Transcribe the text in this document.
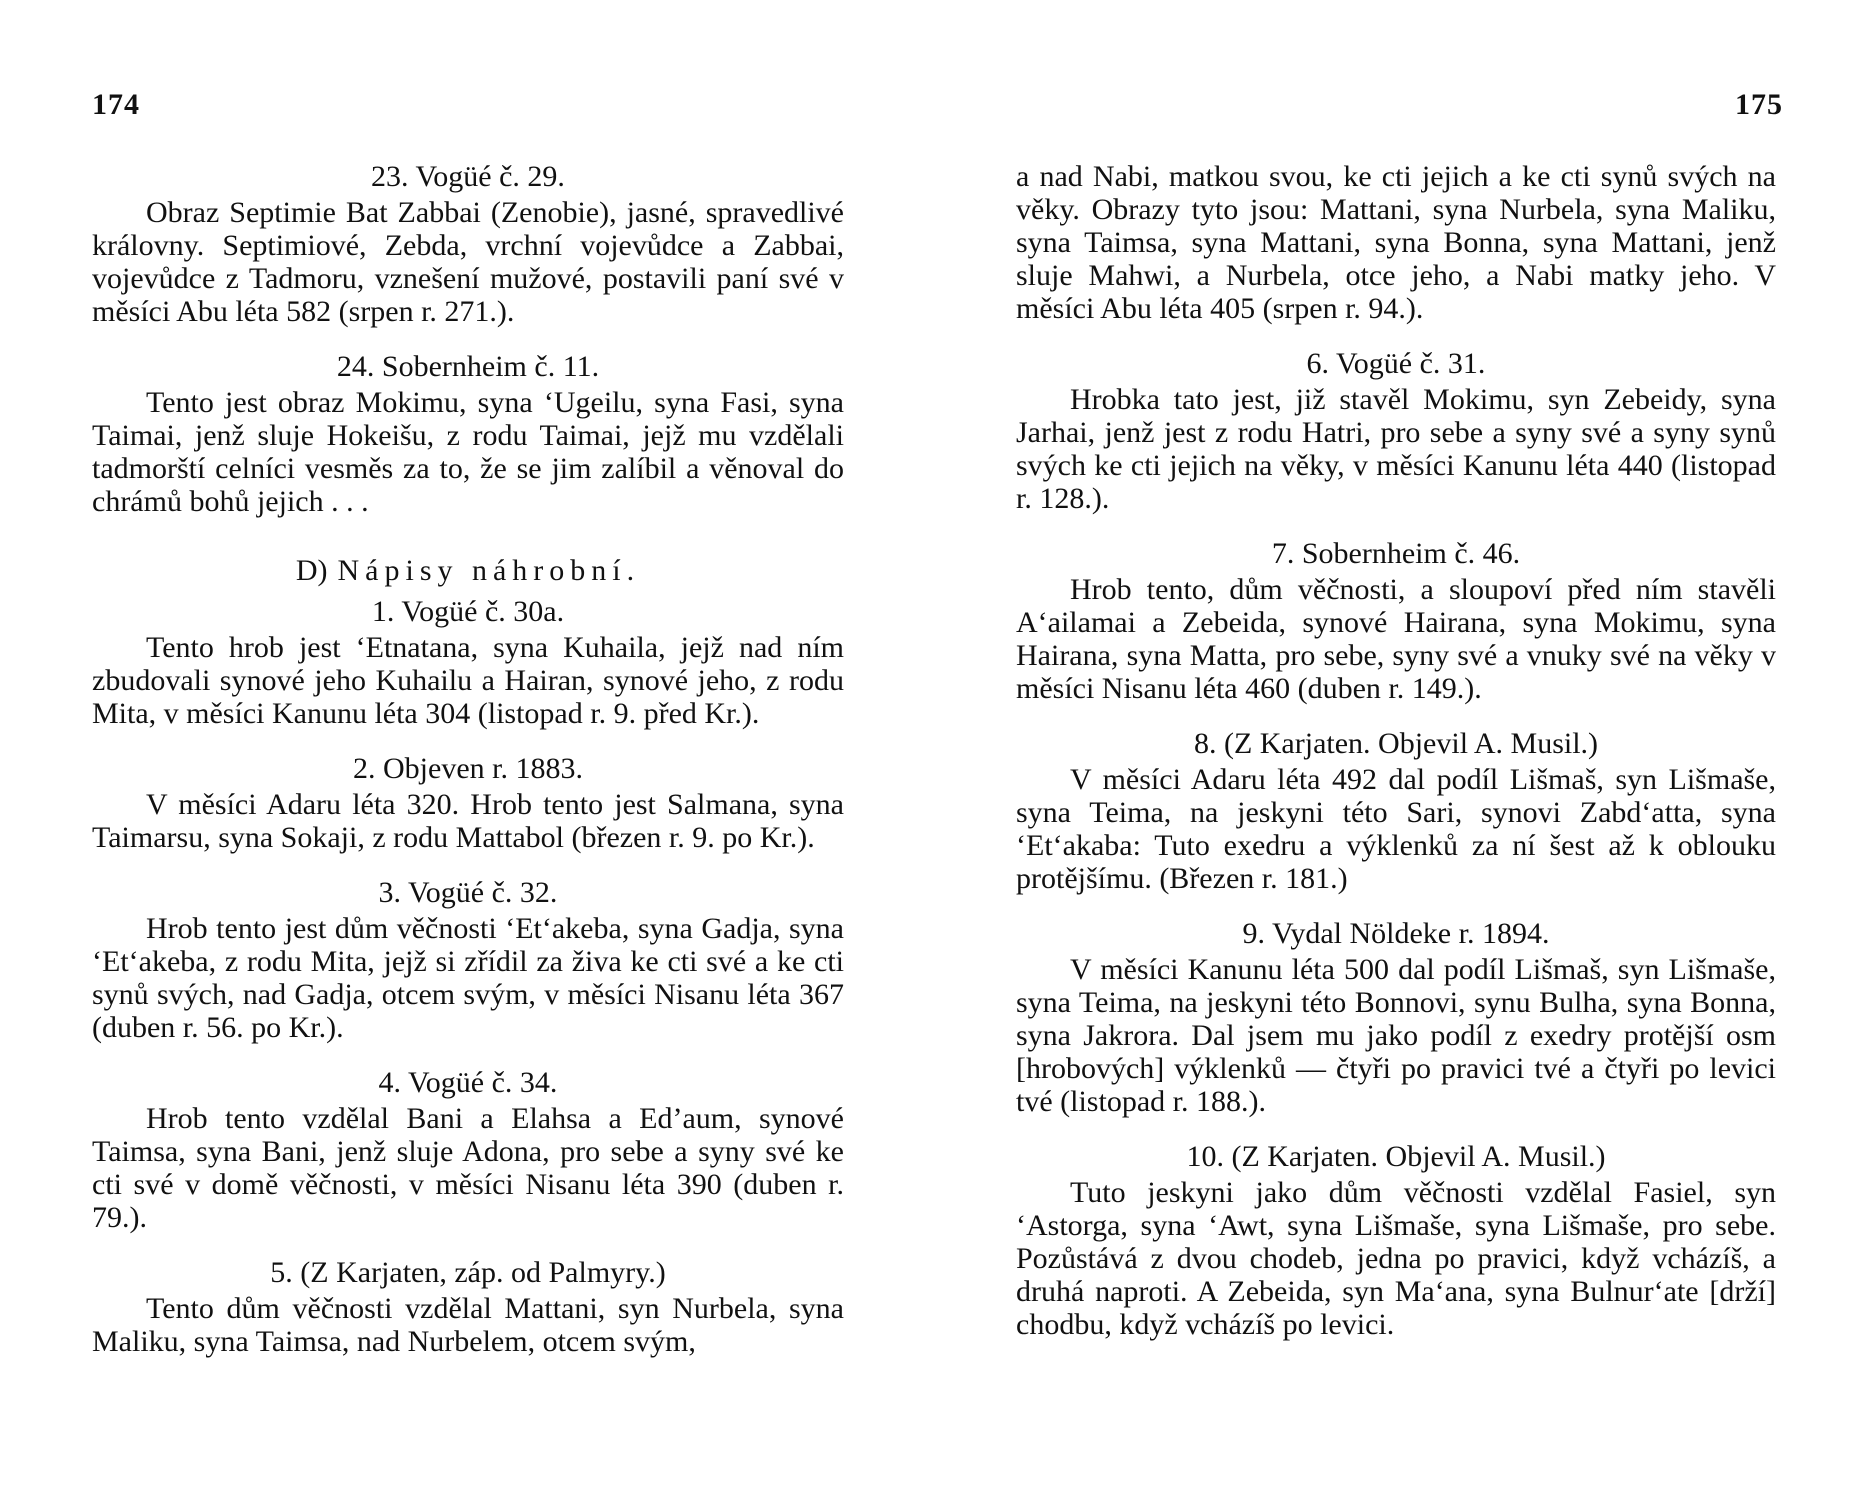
174	175

23. Vogüé č. 29.

Obraz Septimie Bat Zabbai (Zenobie), jasné, spravedlivé královny. Septimiové, Zebda, vrchní vojevůdce a Zabbai, vojevůdce z Tadmoru, vznešení mužové, postavili paní své v měsíci Abu léta 582 (srpen r. 271.).

24. Sobernheim č. 11.

Tento jest obraz Mokimu, syna ‘Ugeilu, syna Fasi, syna Taimai, jenž sluje Hokeišu, z rodu Taimai, jejž mu vzdělali tadmorští celníci vesměs za to, že se jim zalíbil a věnoval do chrámů bohů jejich . . .

D) Nápisy náhrobní.

1. Vogüé č. 30a.

Tento hrob jest ‘Etnatana, syna Kuhaila, jejž nad ním zbudovali synové jeho Kuhailu a Hairan, synové jeho, z rodu Mita, v měsíci Kanunu léta 304 (listopad r. 9. před Kr.).

2. Objeven r. 1883.

V měsíci Adaru léta 320. Hrob tento jest Salmana, syna Taimarsu, syna Sokaji, z rodu Mattabol (březen r. 9. po Kr.).

3. Vogüé č. 32.

Hrob tento jest dům věčnosti ‘Et‘akeba, syna Gadja, syna ‘Et‘akeba, z rodu Mita, jejž si zřídil za živa ke cti své a ke cti synů svých, nad Gadja, otcem svým, v měsíci Nisanu léta 367 (duben r. 56. po Kr.).

4. Vogüé č. 34.

Hrob tento vzdělal Bani a Elahsa a Ed’aum, synové Taimsa, syna Bani, jenž sluje Adona, pro sebe a syny své ke cti své v domě věčnosti, v měsíci Nisanu léta 390 (duben r. 79.).

5. (Z Karjaten, záp. od Palmyry.)

Tento dům věčnosti vzdělal Mattani, syn Nurbela, syna Maliku, syna Taimsa, nad Nurbelem, otcem svým,

a nad Nabi, matkou svou, ke cti jejich a ke cti synů svých na věky. Obrazy tyto jsou: Mattani, syna Nurbela, syna Maliku, syna Taimsa, syna Mattani, syna Bonna, syna Mattani, jenž sluje Mahwi, a Nurbela, otce jeho, a Nabi matky jeho. V měsíci Abu léta 405 (srpen r. 94.).

6. Vogüé č. 31.

Hrobka tato jest, již stavěl Mokimu, syn Zebeidy, syna Jarhai, jenž jest z rodu Hatri, pro sebe a syny své a syny synů svých ke cti jejich na věky, v měsíci Kanunu léta 440 (listopad r. 128.).

7. Sobernheim č. 46.

Hrob tento, dům věčnosti, a sloupoví před ním stavěli A‘ailamai a Zebeida, synové Hairana, syna Mokimu, syna Hairana, syna Matta, pro sebe, syny své a vnuky své na věky v měsíci Nisanu léta 460 (duben r. 149.).

8. (Z Karjaten. Objevil A. Musil.)

V měsíci Adaru léta 492 dal podíl Lišmaš, syn Lišmaše, syna Teima, na jeskyni této Sari, synovi Zabd‘atta, syna ‘Et‘akaba: Tuto exedru a výklenků za ní šest až k oblouku protějšímu. (Březen r. 181.)

9. Vydal Nöldeke r. 1894.

V měsíci Kanunu léta 500 dal podíl Lišmaš, syn Lišmaše, syna Teima, na jeskyni této Bonnovi, synu Bulha, syna Bonna, syna Jakrora. Dal jsem mu jako podíl z exedry protější osm [hrobových] výklenků — čtyři po pravici tvé a čtyři po levici tvé (listopad r. 188.).

10. (Z Karjaten. Objevil A. Musil.)

Tuto jeskyni jako dům věčnosti vzdělal Fasiel, syn ‘Astorga, syna ‘Awt, syna Lišmaše, syna Lišmaše, pro sebe. Pozůstává z dvou chodeb, jedna po pravici, když vcházíš, a druhá naproti. A Zebeida, syn Ma‘ana, syna Bulnur‘ate [drží] chodbu, když vcházíš po levici.
